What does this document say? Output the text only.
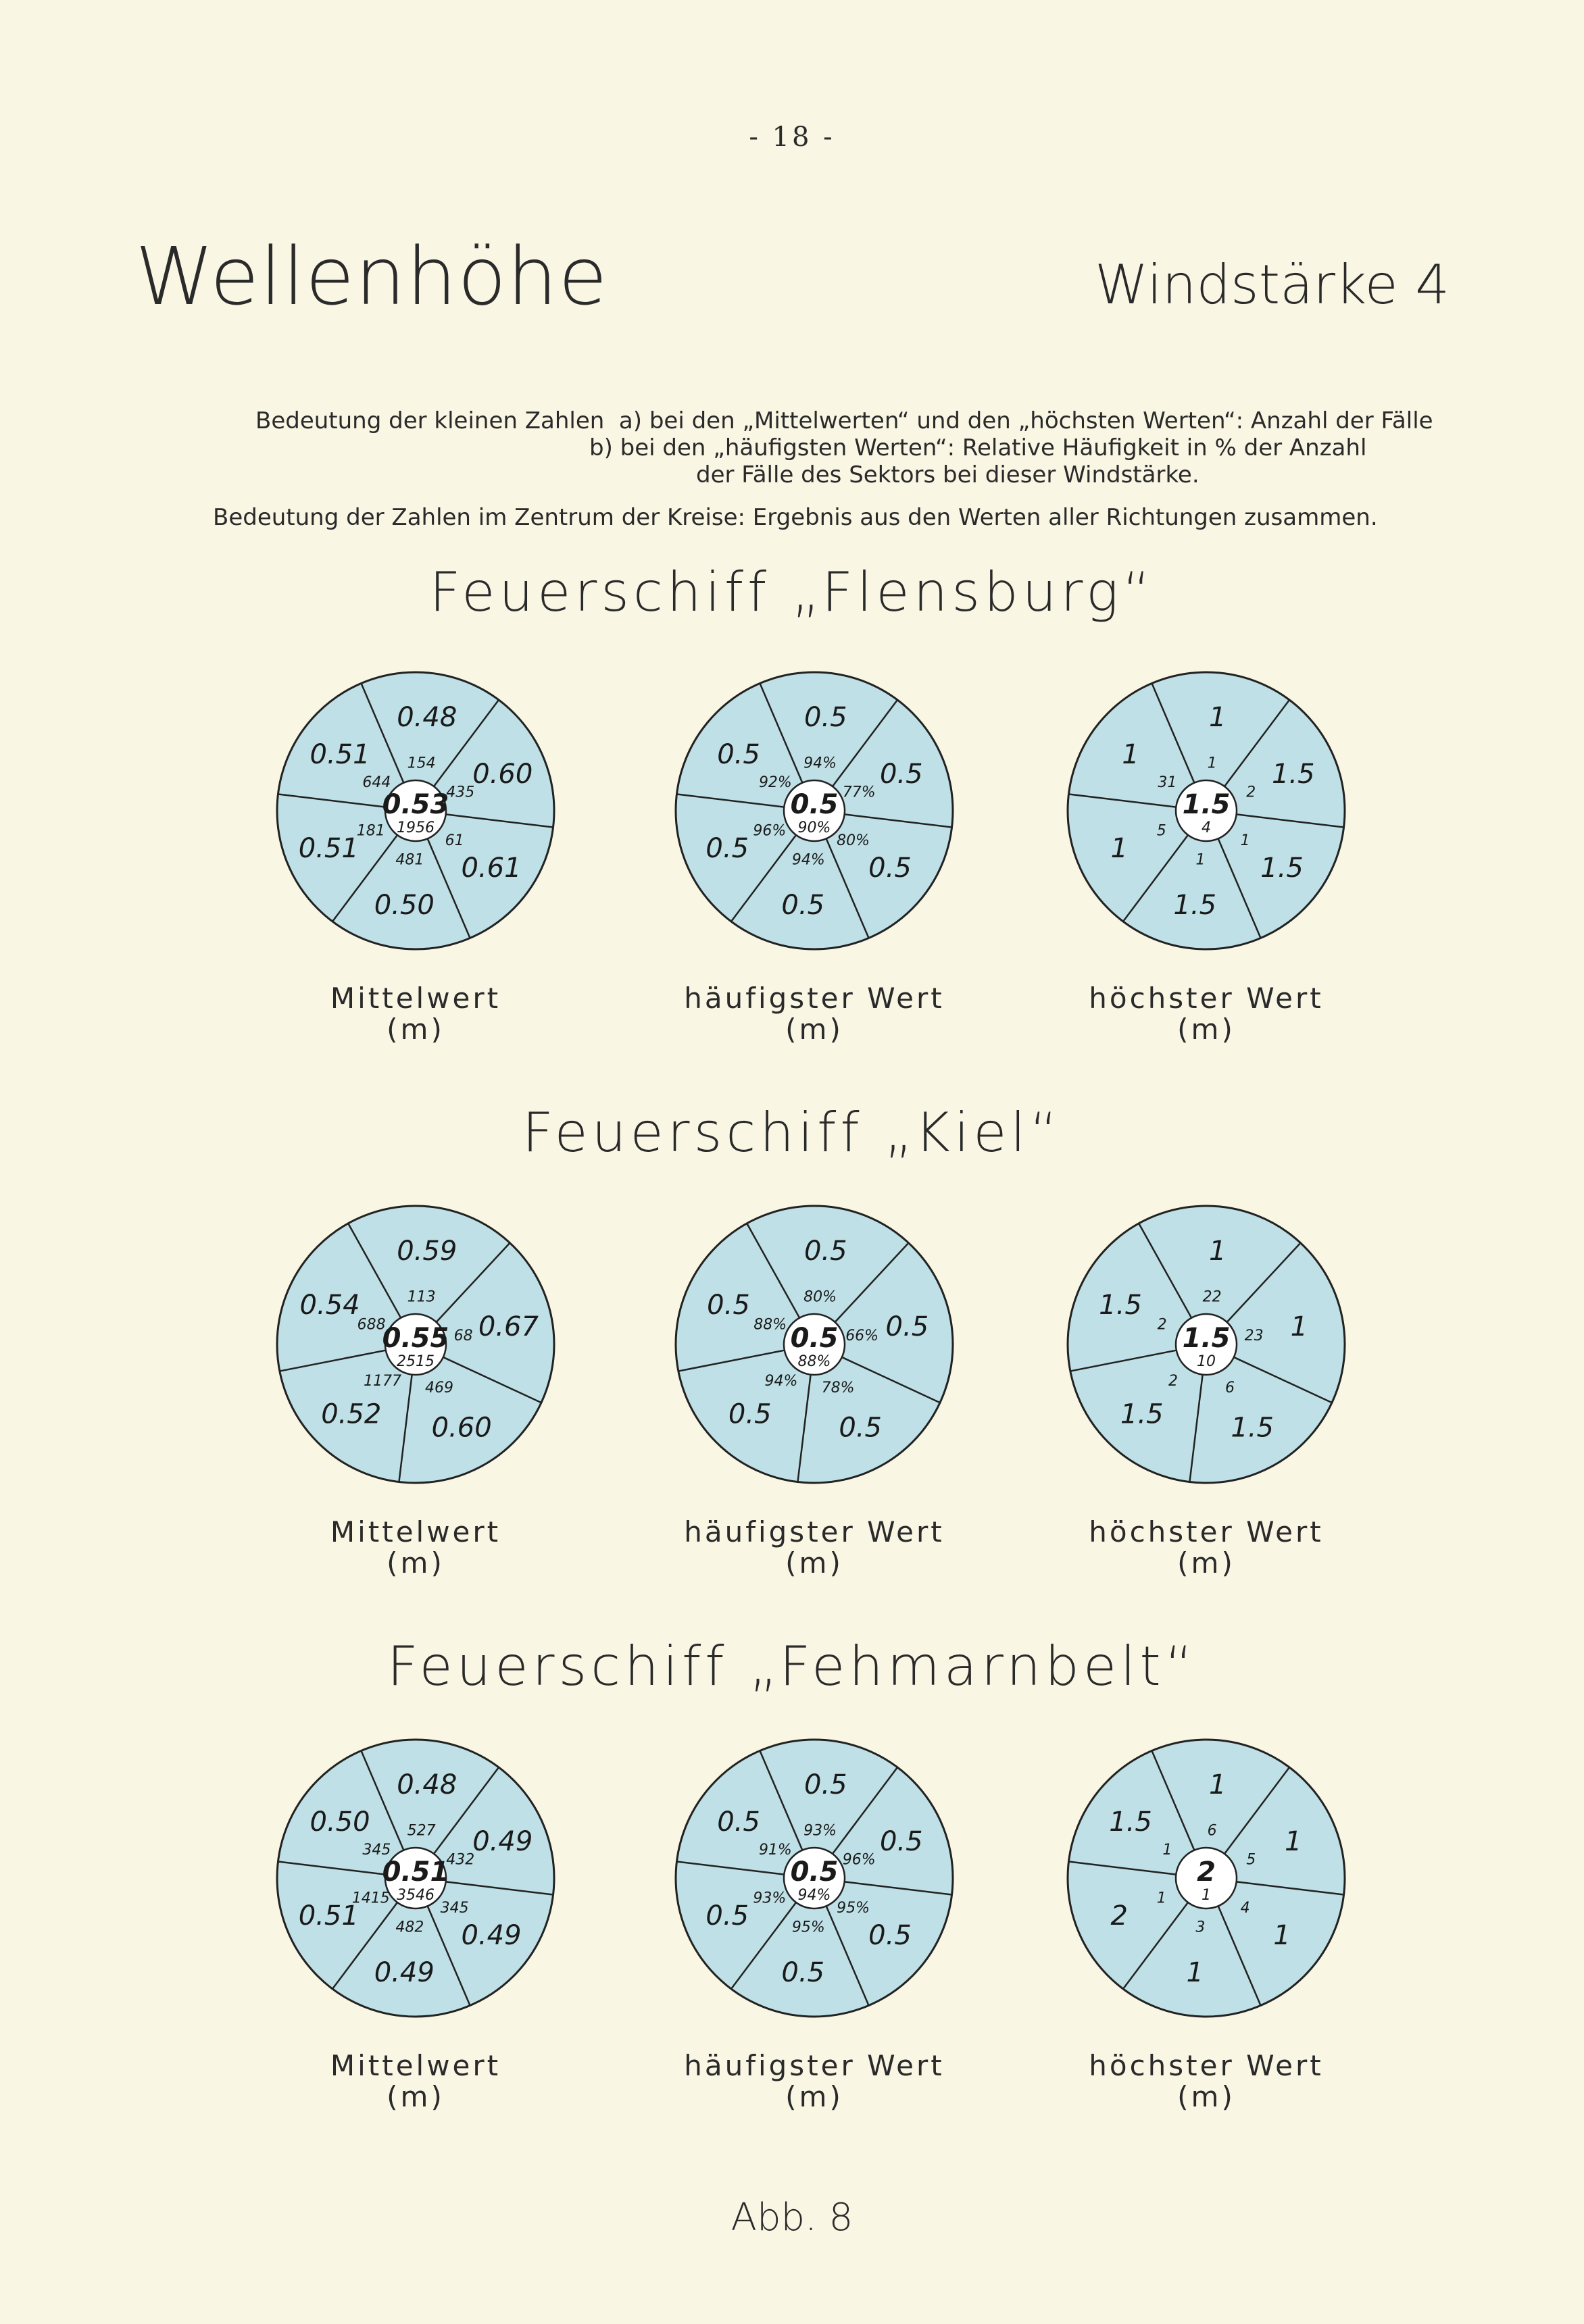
- 18 -
Wellenhöhe	Windstärke 4
Bedeutung der kleinen Zahlen  a) bei den „Mittelwerten“ und den „höchsten Werten“: Anzahl der Fälle
b) bei den „häufigsten Werten“: Relative Häufigkeit in % der Anzahl
der Fälle des Sektors bei dieser Windstärke.
Bedeutung der Zahlen im Zentrum der Kreise: Ergebnis aus den Werten aller Richtungen zusammen.
Feuerschiff „Flensburg“
0.48
154 0.60
435
0.61
61
0.50
481
0.51
181
0.51
644
0.53
1956
0.5
94% 0.5
77%
0.5
80%
0.5
94%
0.5
96%
0.5
92%
0.5
90%
1
1 1.5
2
1.5
1
1.5
1
1
5
1
31
1.5
4
Mittelwert
(m)
häufigster Wert
(m)
höchster Wert
(m)
Feuerschiff „Kiel“
0.59
113
0.67
68
0.60
469
0.52
1177
0.54
688
0.55
2515
0.5
80%
0.5
66%
0.5
78%
0.5
94%
0.5
88% 0.5
88%
1
22
1
23
1.5
6
1.5
2
1.5
2 1.5
10
Mittelwert
(m)
häufigster Wert
(m)
höchster Wert
(m)
Feuerschiff „Fehmarnbelt“
0.48
527 0.49
432
0.49
345
0.49
482
0.51
1415
0.50
345
0.51
3546
0.5
93% 0.5
96%
0.5
95%
0.5
95%
0.5
93%
0.5
91%
0.5
94%
1
6	1
5
1
4
1
3
2
1
1.5
1
2
1
Mittelwert
(m)
häufigster Wert
(m)
höchster Wert
(m)
Abb. 8
